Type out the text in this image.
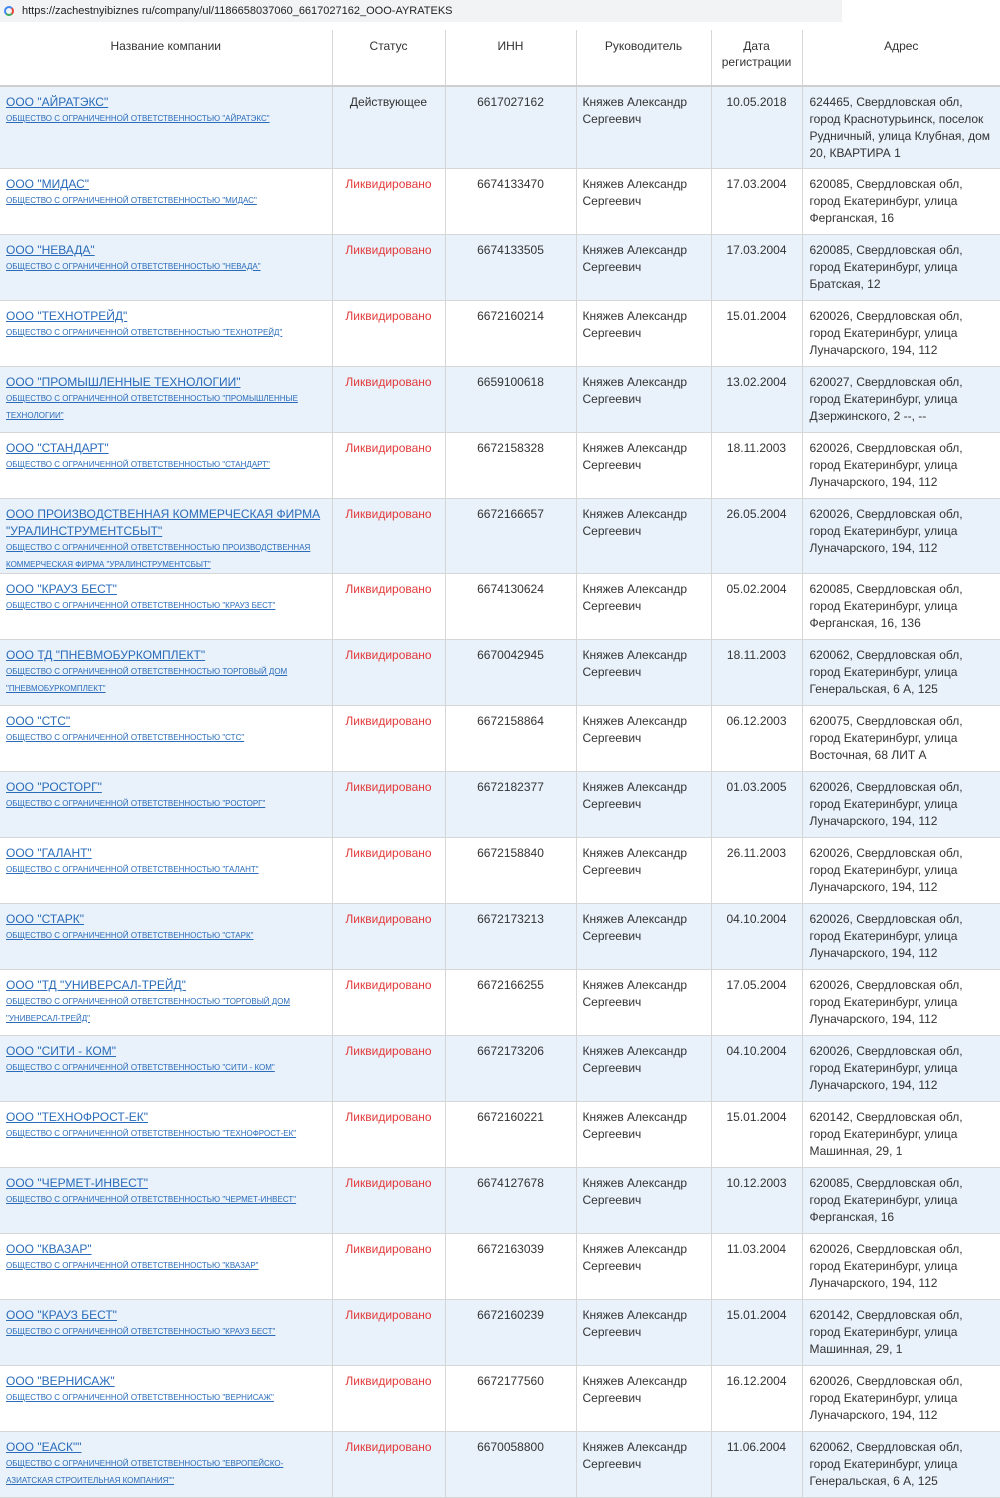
https://zachestnyibiznes ru/company/ul/1186658037060_6617027162_OOO-AYRATEKS
Название компании	Статус	ИНН	Руководитель	Дата регистрации	Адрес

ООО "АЙРАТЭКС"
ОБЩЕСТВО С ОГРАНИЧЕННОЙ ОТВЕТСТВЕННОСТЬЮ "АЙРАТЭКС"	Действующее	6617027162	Княжев Александр Сергеевич	10.05.2018	624465, Свердловская обл, город Краснотурьинск, поселок Рудничный, улица Клубная, дом 20, КВАРТИРА 1

ООО "МИДАС"
ОБЩЕСТВО С ОГРАНИЧЕННОЙ ОТВЕТСТВЕННОСТЬЮ "МИДАС"	Ликвидировано	6674133470	Княжев Александр Сергеевич	17.03.2004	620085, Свердловская обл, город Екатеринбург, улица Ферганская, 16

ООО "НЕВАДА"
ОБЩЕСТВО С ОГРАНИЧЕННОЙ ОТВЕТСТВЕННОСТЬЮ "НЕВАДА"	Ликвидировано	6674133505	Княжев Александр Сергеевич	17.03.2004	620085, Свердловская обл, город Екатеринбург, улица Братская, 12

ООО "ТЕХНОТРЕЙД"
ОБЩЕСТВО С ОГРАНИЧЕННОЙ ОТВЕТСТВЕННОСТЬЮ "ТЕХНОТРЕЙД"	Ликвидировано	6672160214	Княжев Александр Сергеевич	15.01.2004	620026, Свердловская обл, город Екатеринбург, улица Луначарского, 194, 112

ООО "ПРОМЫШЛЕННЫЕ ТЕХНОЛОГИИ"
ОБЩЕСТВО С ОГРАНИЧЕННОЙ ОТВЕТСТВЕННОСТЬЮ "ПРОМЫШЛЕННЫЕ ТЕХНОЛОГИИ"	Ликвидировано	6659100618	Княжев Александр Сергеевич	13.02.2004	620027, Свердловская обл, город Екатеринбург, улица Дзержинского, 2 --, --

ООО "СТАНДАРТ"
ОБЩЕСТВО С ОГРАНИЧЕННОЙ ОТВЕТСТВЕННОСТЬЮ "СТАНДАРТ"	Ликвидировано	6672158328	Княжев Александр Сергеевич	18.11.2003	620026, Свердловская обл, город Екатеринбург, улица Луначарского, 194, 112

ООО ПРОИЗВОДСТВЕННАЯ КОММЕРЧЕСКАЯ ФИРМА "УРАЛИНСТРУМЕНТСБЫТ"
ОБЩЕСТВО С ОГРАНИЧЕННОЙ ОТВЕТСТВЕННОСТЬЮ ПРОИЗВОДСТВЕННАЯ КОММЕРЧЕСКАЯ ФИРМА "УРАЛИНСТРУМЕНТСБЫТ"	Ликвидировано	6672166657	Княжев Александр Сергеевич	26.05.2004	620026, Свердловская обл, город Екатеринбург, улица Луначарского, 194, 112

ООО "КРАУЗ БЕСТ"
ОБЩЕСТВО С ОГРАНИЧЕННОЙ ОТВЕТСТВЕННОСТЬЮ "КРАУЗ БЕСТ"	Ликвидировано	6674130624	Княжев Александр Сергеевич	05.02.2004	620085, Свердловская обл, город Екатеринбург, улица Ферганская, 16, 136

ООО ТД "ПНЕВМОБУРКОМПЛЕКТ"
ОБЩЕСТВО С ОГРАНИЧЕННОЙ ОТВЕТСТВЕННОСТЬЮ ТОРГОВЫЙ ДОМ "ПНЕВМОБУРКОМПЛЕКТ"	Ликвидировано	6670042945	Княжев Александр Сергеевич	18.11.2003	620062, Свердловская обл, город Екатеринбург, улица Генеральская, 6 А, 125

ООО "СТС"
ОБЩЕСТВО С ОГРАНИЧЕННОЙ ОТВЕТСТВЕННОСТЬЮ "СТС"	Ликвидировано	6672158864	Княжев Александр Сергеевич	06.12.2003	620075, Свердловская обл, город Екатеринбург, улица Восточная, 68 ЛИТ А

ООО "РОСТОРГ"
ОБЩЕСТВО С ОГРАНИЧЕННОЙ ОТВЕТСТВЕННОСТЬЮ "РОСТОРГ"	Ликвидировано	6672182377	Княжев Александр Сергеевич	01.03.2005	620026, Свердловская обл, город Екатеринбург, улица Луначарского, 194, 112

ООО "ГАЛАНТ"
ОБЩЕСТВО С ОГРАНИЧЕННОЙ ОТВЕТСТВЕННОСТЬЮ "ГАЛАНТ"	Ликвидировано	6672158840	Княжев Александр Сергеевич	26.11.2003	620026, Свердловская обл, город Екатеринбург, улица Луначарского, 194, 112

ООО "СТАРК"
ОБЩЕСТВО С ОГРАНИЧЕННОЙ ОТВЕТСТВЕННОСТЬЮ "СТАРК"	Ликвидировано	6672173213	Княжев Александр Сергеевич	04.10.2004	620026, Свердловская обл, город Екатеринбург, улица Луначарского, 194, 112

ООО "ТД "УНИВЕРСАЛ-ТРЕЙД"
ОБЩЕСТВО С ОГРАНИЧЕННОЙ ОТВЕТСТВЕННОСТЬЮ "ТОРГОВЫЙ ДОМ "УНИВЕРСАЛ-ТРЕЙД"	Ликвидировано	6672166255	Княжев Александр Сергеевич	17.05.2004	620026, Свердловская обл, город Екатеринбург, улица Луначарского, 194, 112

ООО "СИТИ - КОМ"
ОБЩЕСТВО С ОГРАНИЧЕННОЙ ОТВЕТСТВЕННОСТЬЮ "СИТИ - КОМ"	Ликвидировано	6672173206	Княжев Александр Сергеевич	04.10.2004	620026, Свердловская обл, город Екатеринбург, улица Луначарского, 194, 112

ООО "ТЕХНОФРОСТ-ЕК"
ОБЩЕСТВО С ОГРАНИЧЕННОЙ ОТВЕТСТВЕННОСТЬЮ "ТЕХНОФРОСТ-ЕК"	Ликвидировано	6672160221	Княжев Александр Сергеевич	15.01.2004	620142, Свердловская обл, город Екатеринбург, улица Машинная, 29, 1

ООО "ЧЕРМЕТ-ИНВЕСТ"
ОБЩЕСТВО С ОГРАНИЧЕННОЙ ОТВЕТСТВЕННОСТЬЮ "ЧЕРМЕТ-ИНВЕСТ"	Ликвидировано	6674127678	Княжев Александр Сергеевич	10.12.2003	620085, Свердловская обл, город Екатеринбург, улица Ферганская, 16

ООО "КВАЗАР"
ОБЩЕСТВО С ОГРАНИЧЕННОЙ ОТВЕТСТВЕННОСТЬЮ "КВАЗАР"	Ликвидировано	6672163039	Княжев Александр Сергеевич	11.03.2004	620026, Свердловская обл, город Екатеринбург, улица Луначарского, 194, 112

ООО "КРАУЗ БЕСТ"
ОБЩЕСТВО С ОГРАНИЧЕННОЙ ОТВЕТСТВЕННОСТЬЮ "КРАУЗ БЕСТ"	Ликвидировано	6672160239	Княжев Александр Сергеевич	15.01.2004	620142, Свердловская обл, город Екатеринбург, улица Машинная, 29, 1

ООО "ВЕРНИСАЖ"
ОБЩЕСТВО С ОГРАНИЧЕННОЙ ОТВЕТСТВЕННОСТЬЮ "ВЕРНИСАЖ"	Ликвидировано	6672177560	Княжев Александр Сергеевич	16.12.2004	620026, Свердловская обл, город Екатеринбург, улица Луначарского, 194, 112

ООО "ЕАСК""
ОБЩЕСТВО С ОГРАНИЧЕННОЙ ОТВЕТСТВЕННОСТЬЮ "ЕВРОПЕЙСКО-АЗИАТСКАЯ СТРОИТЕЛЬНАЯ КОМПАНИЯ""	Ликвидировано	6670058800	Княжев Александр Сергеевич	11.06.2004	620062, Свердловская обл, город Екатеринбург, улица Генеральская, 6 А, 125
